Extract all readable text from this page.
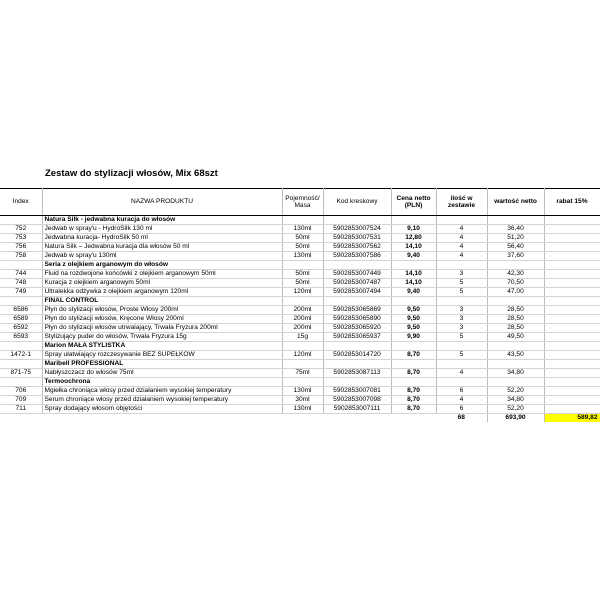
Zestaw do stylizacji włosów, Mix 68szt
Index	NAZWA PRODUKTU	Pojemność/ Masa	Kod kreskowy	Cena netto (PLN)	ilość w zestawie	wartość netto	rabat 15%
	Natura Silk - jedwabna kuracja do włosów						
752	Jedwab w spray'u - HydroSilk 130 ml	130ml	5902853007524	9,10	4	36,40	
753	Jedwabna kuracja- HydroSilk 50 ml	50ml	5902853007531	12,80	4	51,20	
756	Natura Silk – Jedwabna kuracja dla włosów 50 ml	50ml	5902853007562	14,10	4	56,40	
758	Jedwab w spray'u 130ml	130ml	5902853007586	9,40	4	37,60	
	Seria z olejkiem arganowym do włosów						
744	Fluid na rozdwojone końcówki z olejkiem arganowym 50ml	50ml	5902853007449	14,10	3	42,30	
748	Kuracja z olejkiem arganowym 50ml	50ml	5902853007487	14,10	5	70,50	
749	Ultralekka odżywka z olejkiem arganowym 120ml	120ml	5902853007494	9,40	5	47,00	
	FINAL CONTROL						
6586	Płyn do stylizacji włosów, Proste Włosy 200ml	200ml	5902853065869	9,50	3	28,50	
6589	Płyn do stylizacji włosów, Kręcone Włosy 200ml	200ml	5902853065890	9,50	3	28,50	
6592	Płyn do stylizacji włosów utrwalający, Trwała Fryzura 200ml	200ml	5902853065920	9,50	3	28,50	
6593	Stylizujący puder do włosów, Trwała Fryzura 15g	15g	5902853065937	9,90	5	49,50	
	Marion MAŁA STYLISTKA						
1472-1	Spray ułatwiający rozczesywanie BEZ SUPEŁKÓW	120ml	5902853014720	8,70	5	43,50	
	Maribell PROFESSIONAL						
871-75	Nabłyszczacz do włosów 75ml	75ml	5902853087113	8,70	4	34,80	
	Termoochrona						
706	Mgiełka chroniąca włosy przed działaniem wysokiej temperatury	130ml	5902853007081	8,70	6	52,20	
709	Serum chroniące włosy przed działaniem wysokiej temperatury	30ml	5902853007098	8,70	4	34,80	
711	Spray dodający włosom objętości	130ml	5902853007111	8,70	6	52,20	
					68	693,90	589,82
